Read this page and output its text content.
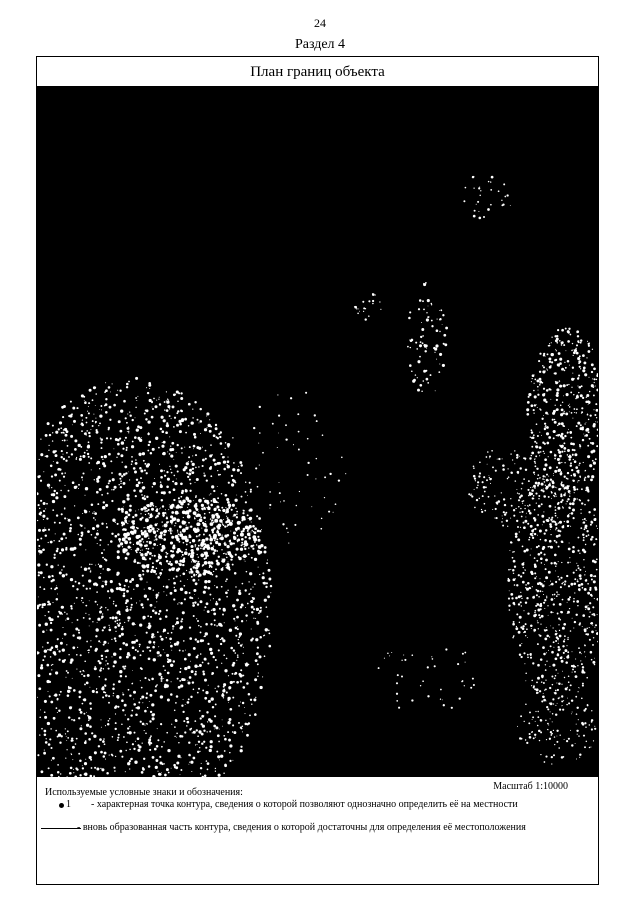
24
Раздел 4
План границ объекта
Масштаб 1:10000
Используемые условные знаки и обозначения:
1 - характерная точка контура, сведения о которой позволяют однозначно определить её на местности
- вновь образованная часть контура, сведения о которой достаточны для определения её местоположения
